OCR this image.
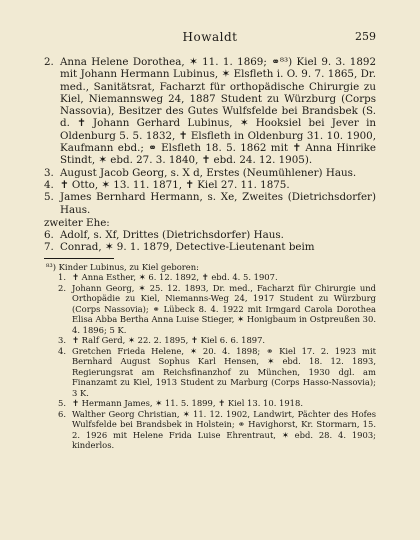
Howaldt	259
2. Anna Helene Dorothea, ✶ 11. 1. 1869; ⚭⁸³) Kiel 9. 3. 1892 mit Johann Hermann Lubinus, ✶ Elsfleth i. O. 9. 7. 1865, Dr. med., Sanitätsrat, Facharzt für orthopädische Chirurgie zu Kiel, Niemannsweg 24, 1887 Student zu Würzburg (Corps Nassovia), Besitzer des Gutes Wulfsfelde bei Brandsbek (S. d. ✝ Johann Gerhard Lubinus, ✶ Hooksiel bei Jever in Oldenburg 5. 5. 1832, ✝ Elsfleth in Oldenburg 31. 10. 1900, Kaufmann ebd.; ⚭ Elsfleth 18. 5. 1862 mit ✝ Anna Hinrike Stindt, ✶ ebd. 27. 3. 1840, ✝ ebd. 24. 12. 1905).
3. August Jacob Georg, s. X d, Erstes (Neumühlener) Haus.
4. ✝ Otto, ✶ 13. 11. 1871, ✝ Kiel 27. 11. 1875.
5. James Bernhard Hermann, s. Xe, Zweites (Dietrichsdorfer) Haus.
zweiter Ehe:
6. Adolf, s. Xf, Drittes (Dietrichsdorfer) Haus.
7. Conrad, ✶ 9. 1. 1879, Detective-Lieutenant beim
⁸³) Kinder Lubinus, zu Kiel geboren:
1. ✝ Anna Esther, ✶ 6. 12. 1892, ✝ ebd. 4. 5. 1907.
2. Johann Georg, ✶ 25. 12. 1893, Dr. med., Facharzt für Chirurgie und Orthopädie zu Kiel, Niemanns-Weg 24, 1917 Student zu Würzburg (Corps Nassovia); ⚭ Lübeck 8. 4. 1922 mit Irmgard Carola Dorothea Elisa Abba Bertha Anna Luise Stieger, ✶ Honigbaum in Ostpreußen 30. 4. 1896; 5 K.
3. ✝ Ralf Gerd, ✶ 22. 2. 1895, ✝ Kiel 6. 6. 1897.
4. Gretchen Frieda Helene, ✶ 20. 4. 1898; ⚭ Kiel 17. 2. 1923 mit Bernhard August Sophus Karl Hensen, ✶ ebd. 18. 12. 1893, Regierungsrat am Reichsfinanzhof zu München, 1930 dgl. am Finanzamt zu Kiel, 1913 Student zu Marburg (Corps Hasso-Nassovia); 3 K.
5. ✝ Hermann James, ✶ 11. 5. 1899, ✝ Kiel 13. 10. 1918.
6. Walther Georg Christian, ✶ 11. 12. 1902, Landwirt, Pächter des Hofes Wulfsfelde bei Brandsbek in Holstein; ⚭ Havighorst, Kr. Stormarn, 15. 2. 1926 mit Helene Frida Luise Ehrentraut, ✶ ebd. 28. 4. 1903; kinderlos.
